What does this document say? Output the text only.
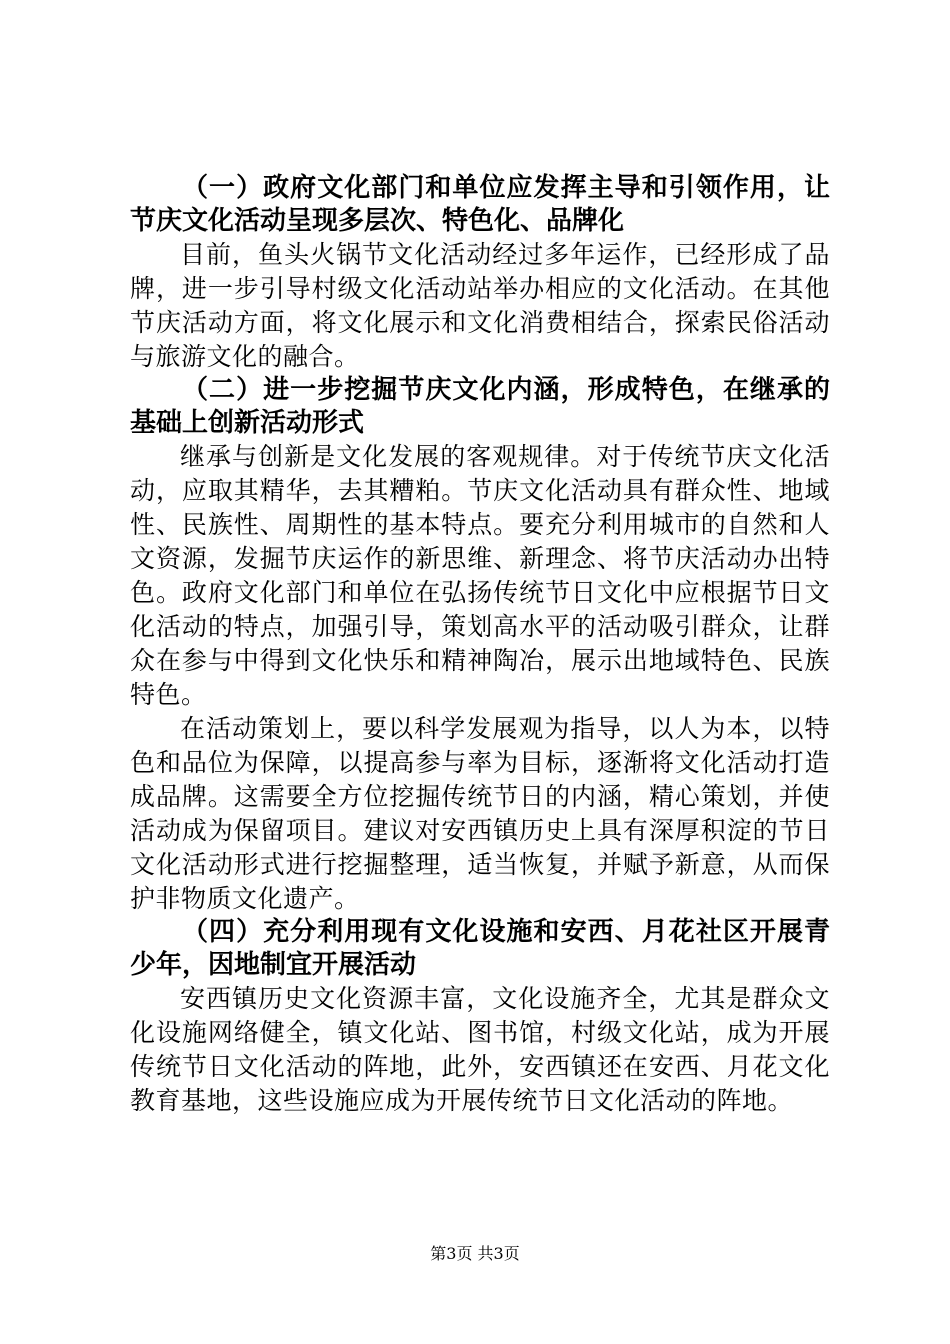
（一）政府文化部门和单位应发挥主导和引领作用，让节庆文化活动呈现多层次、特色化、品牌化

目前，鱼头火锅节文化活动经过多年运作，已经形成了品牌，进一步引导村级文化活动站举办相应的文化活动。在其他节庆活动方面，将文化展示和文化消费相结合，探索民俗活动与旅游文化的融合。

（二）进一步挖掘节庆文化内涵，形成特色，在继承的基础上创新活动形式

继承与创新是文化发展的客观规律。对于传统节庆文化活动，应取其精华，去其糟粕。节庆文化活动具有群众性、地域性、民族性、周期性的基本特点。要充分利用城市的自然和人文资源，发掘节庆运作的新思维、新理念、将节庆活动办出特色。政府文化部门和单位在弘扬传统节日文化中应根据节日文化活动的特点，加强引导，策划高水平的活动吸引群众，让群众在参与中得到文化快乐和精神陶冶，展示出地域特色、民族特色。

在活动策划上，要以科学发展观为指导，以人为本，以特色和品位为保障，以提高参与率为目标，逐渐将文化活动打造成品牌。这需要全方位挖掘传统节日的内涵，精心策划，并使活动成为保留项目。建议对安西镇历史上具有深厚积淀的节日文化活动形式进行挖掘整理，适当恢复，并赋予新意，从而保护非物质文化遗产。

（四）充分利用现有文化设施和安西、月花社区开展青少年，因地制宜开展活动

安西镇历史文化资源丰富，文化设施齐全，尤其是群众文化设施网络健全，镇文化站、图书馆，村级文化站，成为开展传统节日文化活动的阵地，此外，安西镇还在安西、月花文化教育基地，这些设施应成为开展传统节日文化活动的阵地。

第3页 共3页
